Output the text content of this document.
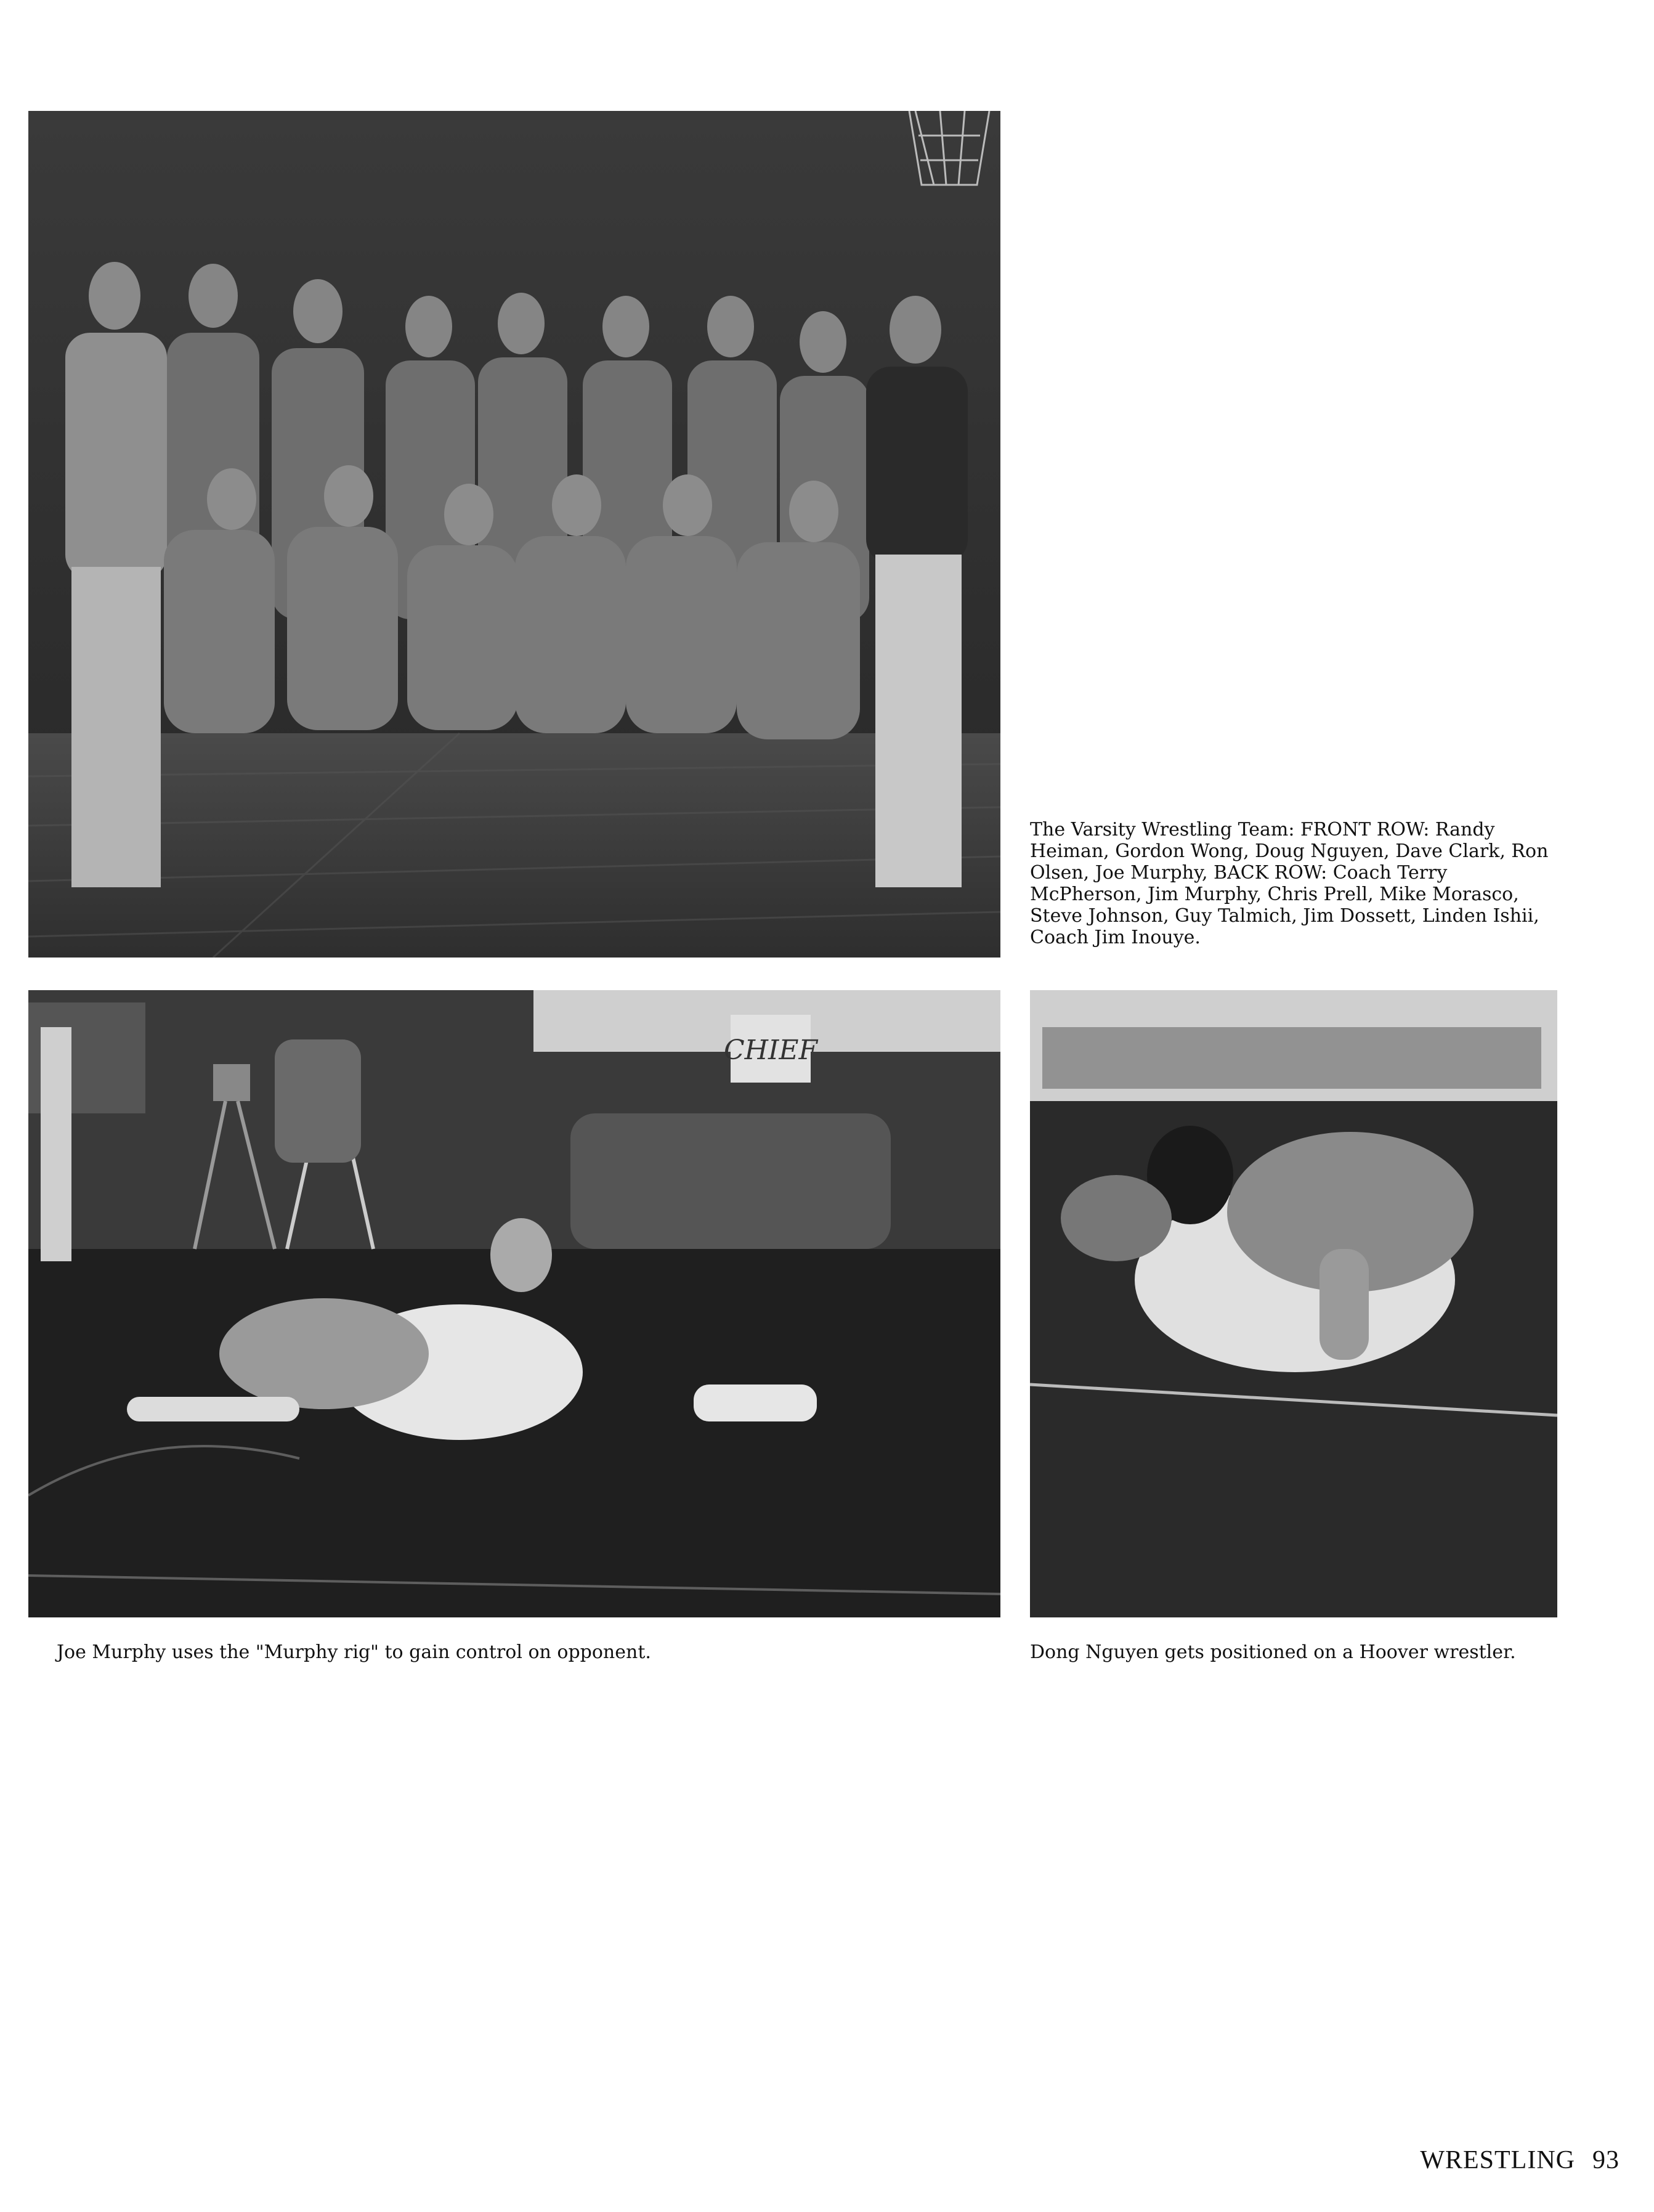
The Varsity Wrestling Team: FRONT ROW: Randy Heiman, Gordon Wong, Doug Nguyen, Dave Clark, Ron Olsen, Joe Murphy, BACK ROW: Coach Terry McPherson, Jim Murphy, Chris Prell, Mike Morasco, Steve Johnson, Guy Talmich, Jim Dossett, Linden Ishii, Coach Jim Inouye.

CHIEF

Joe Murphy uses the "Murphy rig" to gain control on opponent.	Dong Nguyen gets positioned on a Hoover wrestler.

WRESTLING 93
